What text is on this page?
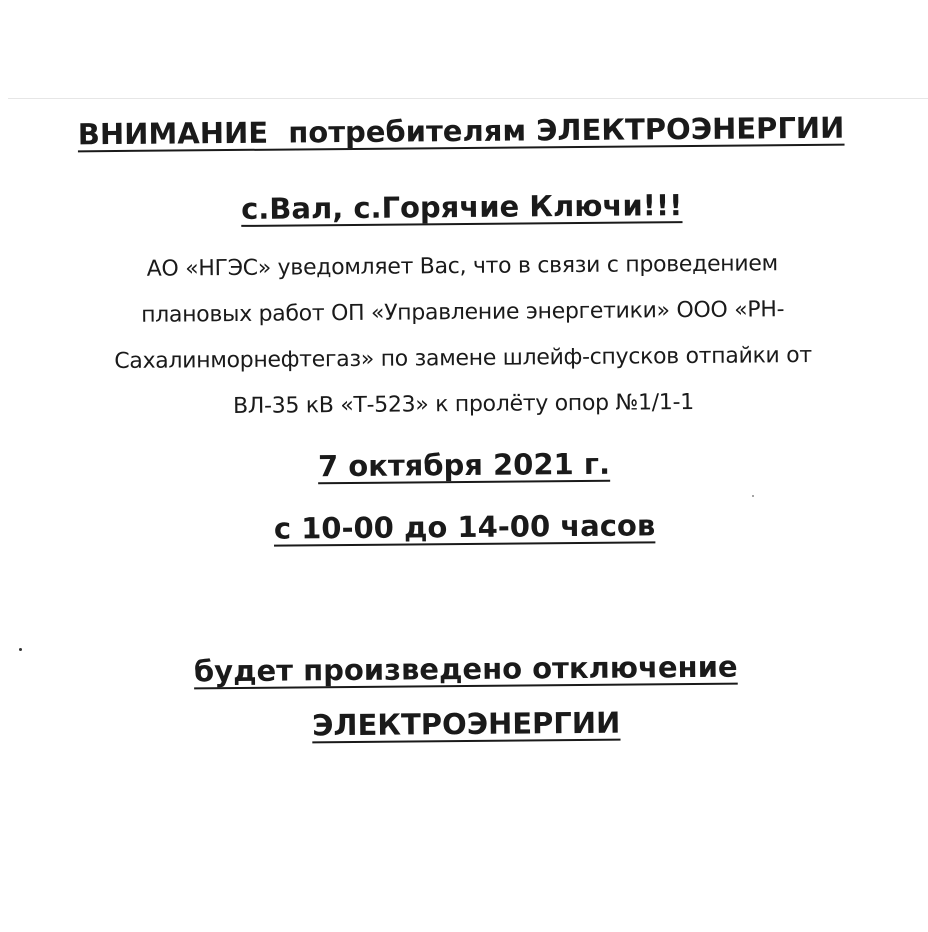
ВНИМАНИЕ  потребителям ЭЛЕКТРОЭНЕРГИИ
с.Вал, с.Горячие Ключи!!!
АО «НГЭС» уведомляет Вас, что в связи с проведением
плановых работ ОП «Управление энергетики» ООО «РН-
Сахалинморнефтегаз» по замене шлейф-спусков отпайки от
ВЛ-35 кВ «Т-523» к пролёту опор №1/1-1
7 октября 2021 г.
с 10-00 до 14-00 часов
будет произведено отключение
ЭЛЕКТРОЭНЕРГИИ
